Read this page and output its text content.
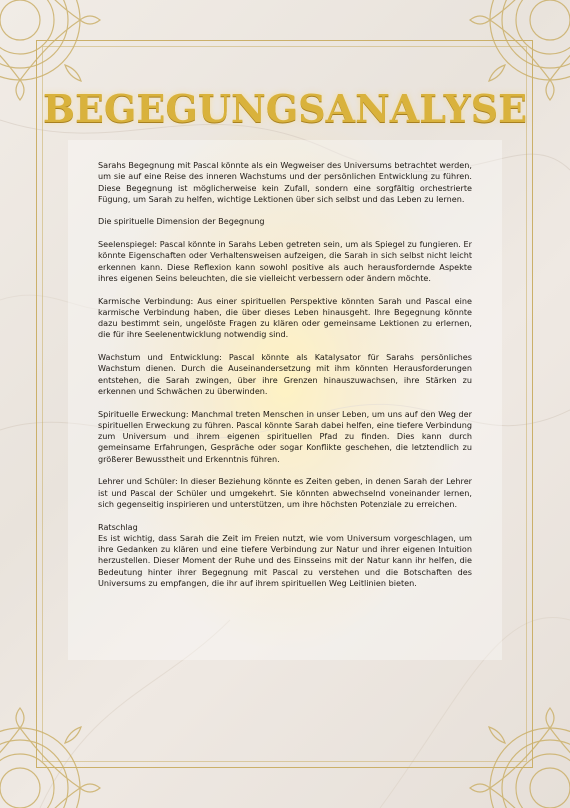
BEGEGUNGSANALYSE

Sarahs Begegnung mit Pascal könnte als ein Wegweiser des Universums betrachtet werden, um sie auf eine Reise des inneren Wachstums und der persönlichen Entwicklung zu führen. Diese Begegnung ist möglicherweise kein Zufall, sondern eine sorgfältig orchestrierte Fügung, um Sarah zu helfen, wichtige Lektionen über sich selbst und das Leben zu lernen.

Die spirituelle Dimension der Begegnung

Seelenspiegel: Pascal könnte in Sarahs Leben getreten sein, um als Spiegel zu fungieren. Er könnte Eigenschaften oder Verhaltensweisen aufzeigen, die Sarah in sich selbst nicht leicht erkennen kann. Diese Reflexion kann sowohl positive als auch herausfordernde Aspekte ihres eigenen Seins beleuchten, die sie vielleicht verbessern oder ändern möchte.

Karmische Verbindung: Aus einer spirituellen Perspektive könnten Sarah und Pascal eine karmische Verbindung haben, die über dieses Leben hinausgeht. Ihre Begegnung könnte dazu bestimmt sein, ungelöste Fragen zu klären oder gemeinsame Lektionen zu erlernen, die für ihre Seelenentwicklung notwendig sind.

Wachstum und Entwicklung: Pascal könnte als Katalysator für Sarahs persönliches Wachstum dienen. Durch die Auseinandersetzung mit ihm könnten Herausforderungen entstehen, die Sarah zwingen, über ihre Grenzen hinauszuwachsen, ihre Stärken zu erkennen und Schwächen zu überwinden.

Spirituelle Erweckung: Manchmal treten Menschen in unser Leben, um uns auf den Weg der spirituellen Erweckung zu führen. Pascal könnte Sarah dabei helfen, eine tiefere Verbindung zum Universum und ihrem eigenen spirituellen Pfad zu finden. Dies kann durch gemeinsame Erfahrungen, Gespräche oder sogar Konflikte geschehen, die letztendlich zu größerer Bewusstheit und Erkenntnis führen.

Lehrer und Schüler: In dieser Beziehung könnte es Zeiten geben, in denen Sarah der Lehrer ist und Pascal der Schüler und umgekehrt. Sie könnten abwechselnd voneinander lernen, sich gegenseitig inspirieren und unterstützen, um ihre höchsten Potenziale zu erreichen.

Ratschlag

Es ist wichtig, dass Sarah die Zeit im Freien nutzt, wie vom Universum vorgeschlagen, um ihre Gedanken zu klären und eine tiefere Verbindung zur Natur und ihrer eigenen Intuition herzustellen. Dieser Moment der Ruhe und des Einsseins mit der Natur kann ihr helfen, die Bedeutung hinter ihrer Begegnung mit Pascal zu verstehen und die Botschaften des Universums zu empfangen, die ihr auf ihrem spirituellen Weg Leitlinien bieten.
